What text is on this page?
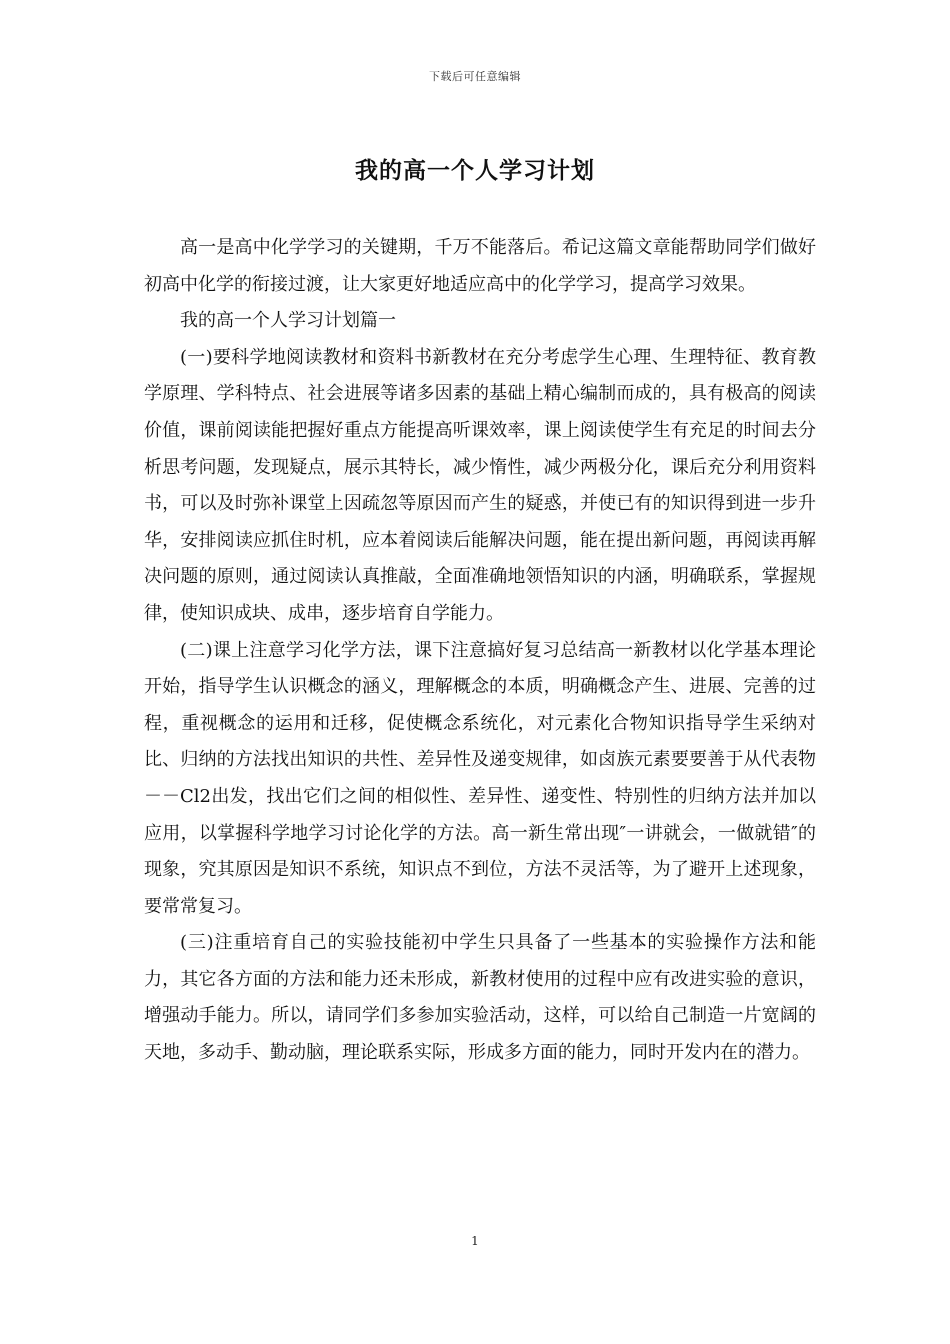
下载后可任意编辑
我的高一个人学习计划

高一是高中化学学习的关键期，千万不能落后。希记这篇文章能帮助同学们做好初高中化学的衔接过渡，让大家更好地适应高中的化学学习，提高学习效果。

我的高一个人学习计划篇一

(一)要科学地阅读教材和资料书新教材在充分考虑学生心理、生理特征、教育教学原理、学科特点、社会进展等诸多因素的基础上精心编制而成的，具有极高的阅读价值，课前阅读能把握好重点方能提高听课效率，课上阅读使学生有充足的时间去分析思考问题，发现疑点，展示其特长，减少惰性，减少两极分化，课后充分利用资料书，可以及时弥补课堂上因疏忽等原因而产生的疑惑，并使已有的知识得到进一步升华，安排阅读应抓住时机，应本着阅读后能解决问题，能在提出新问题，再阅读再解决问题的原则，通过阅读认真推敲，全面准确地领悟知识的内涵，明确联系，掌握规律，使知识成块、成串，逐步培育自学能力。

(二)课上注意学习化学方法，课下注意搞好复习总结高一新教材以化学基本理论开始，指导学生认识概念的涵义，理解概念的本质，明确概念产生、进展、完善的过程，重视概念的运用和迁移，促使概念系统化，对元素化合物知识指导学生采纳对比、归纳的方法找出知识的共性、差异性及递变规律，如卤族元素要要善于从代表物－－Cl2出发，找出它们之间的相似性、差异性、递变性、特别性的归纳方法并加以应用，以掌握科学地学习讨论化学的方法。高一新生常出现″一讲就会，一做就错″的现象，究其原因是知识不系统，知识点不到位，方法不灵活等，为了避开上述现象，要常常复习。

(三)注重培育自己的实验技能初中学生只具备了一些基本的实验操作方法和能力，其它各方面的方法和能力还未形成，新教材使用的过程中应有改进实验的意识，增强动手能力。所以，请同学们多参加实验活动，这样，可以给自己制造一片宽阔的天地，多动手、勤动脑，理论联系实际，形成多方面的能力，同时开发内在的潜力。

1
